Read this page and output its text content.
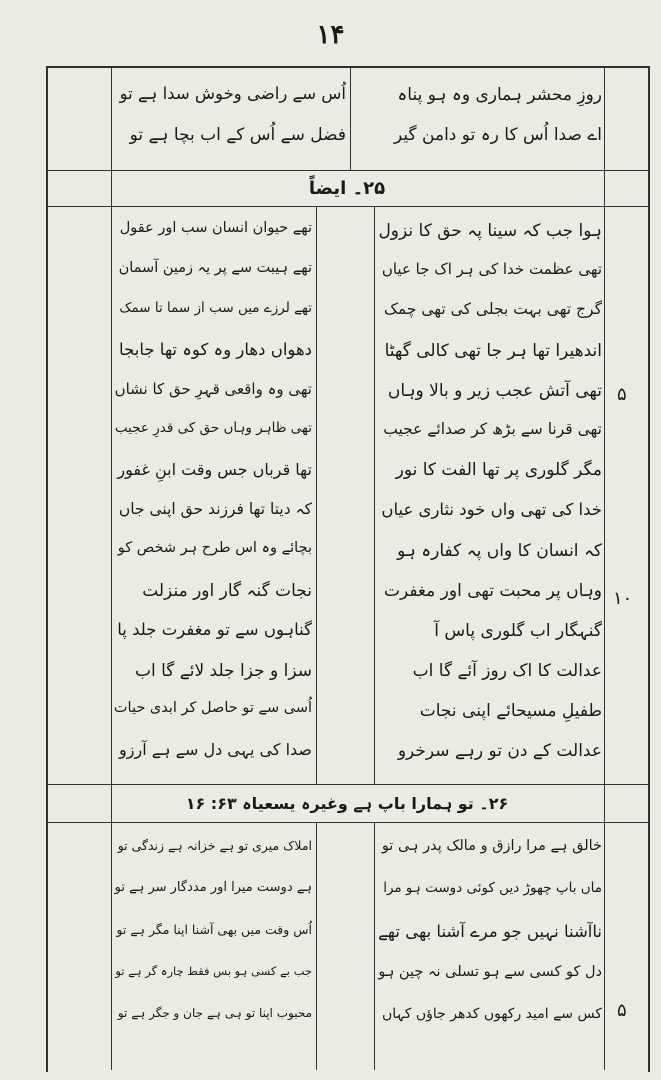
۱۴
روزِ محشر ہماری وہ ہو پناہ
اے صدا اُس کا رہ تو دامن گیر
اُس سے راضی وخوش سدا ہے تو
فضل سے اُس کے اب بچا ہے تو
۲۵۔ ایضاً
ہوا جب کہ سینا پہ حق کا نزول
تھی عظمت خدا کی ہر اک جا عیاں
گرج تھی بہت بجلی کی تھی چمک
اندھیرا تھا ہر جا تھی کالی گھٹا
تھی آتش عجب زیر و بالا وہاں
تھی قرنا سے بڑھ کر صدائے عجیب
مگر گلوری پر تھا الفت کا نور
خدا کی تھی واں خود نثاری عیاں
کہ انسان کا واں پہ کفارہ ہو
وہاں پر محبت تھی اور مغفرت
گنہگار اب گلوری پاس آ
عدالت کا اک روز آئے گا اب
طفیلِ مسیحائے اپنی نجات
عدالت کے دن تو رہے سرخرو
تھے حیوان انسان سب اور عقول
تھے ہیبت سے پر یہ زمین آسمان
تھے لرزے میں سب از سما تا سمک
دھواں دھار وہ کوہ تھا جابجا
تھی وہ واقعی قہرِ حق کا نشاں
تھی ظاہر وہاں حق کی قدرِ عجیب
تھا قرباں جس وقت ابنِ غفور
کہ دیتا تھا فرزند حق اپنی جاں
بچائے وہ اس طرح ہر شخص کو
نجات گنہ گار اور منزلت
گناہوں سے تو مغفرت جلد پا
سزا و جزا جلد لائے گا اب
اُسی سے تو حاصل کر ابدی حیات
صدا کی یہی دل سے ہے آرزو
۵
۱۰
۲۶۔ تو ہمارا باپ ہے وغیرہ یسعیاہ ۶۳: ۱۶
خالق ہے مرا رازق و مالک پدر ہی تو
ماں باپ چھوڑ دیں کوئی دوست ہو مرا
ناآشنا نہیں جو مرے آشنا بھی تھے
دل کو کسی سے ہو تسلی نہ چین ہو
کس سے امید رکھوں کدھر جاؤں کہاں
املاک میری تو ہے خزانہ ہے زندگی تو
ہے دوست میرا اور مددگار سر ہے تو
اُس وقت میں بھی آشنا اپنا مگر ہے تو
جب بے کسی ہو بس فقط چارہ گر ہے تو
محبوب اپنا تو ہی ہے جان و جگر ہے تو	۵
